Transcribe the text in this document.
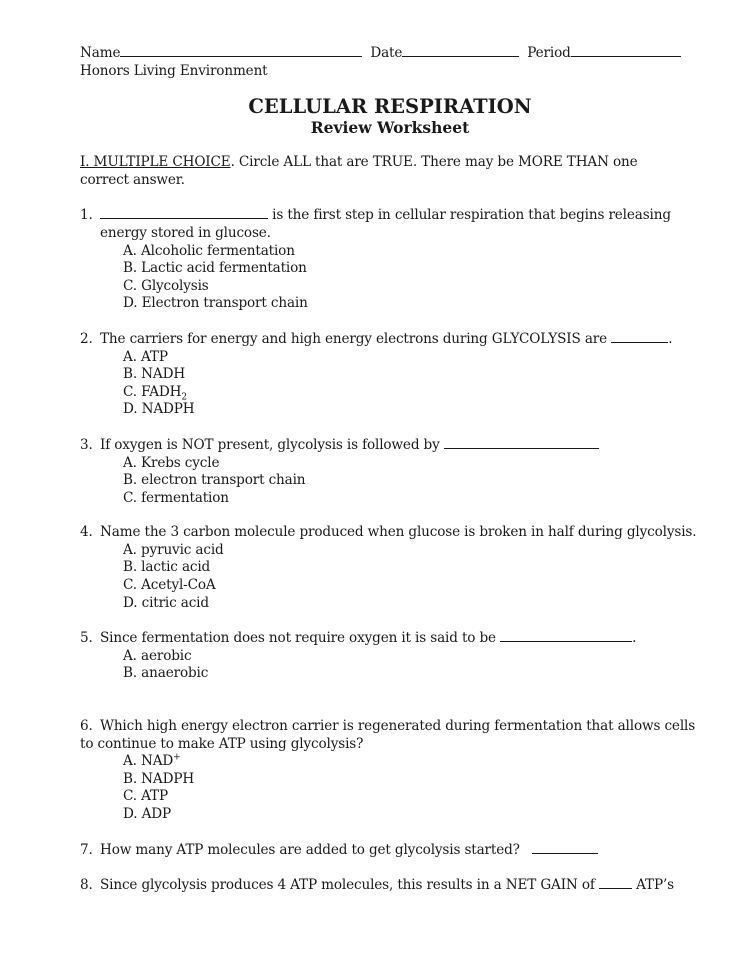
Name	Date	Period
Honors Living Environment
CELLULAR RESPIRATION
Review Worksheet
I. MULTIPLE CHOICE. Circle ALL that are TRUE. There may be MORE THAN one
correct answer.
1.	is the first step in cellular respiration that begins releasing
energy stored in glucose.
A. Alcoholic fermentation
B. Lactic acid fermentation
C. Glycolysis
D. Electron transport chain
2. The carriers for energy and high energy electrons during GLYCOLYSIS are	.
A. ATP
B. NADH
C. $FADH_2$
D. NADPH
3. If oxygen is NOT present, glycolysis is followed by
A. Krebs cycle
B. electron transport chain
C. fermentation
4. Name the 3 carbon molecule produced when glucose is broken in half during glycolysis.
A. pyruvic acid
B. lactic acid
C. Acetyl-CoA
D. citric acid
5. Since fermentation does not require oxygen it is said to be	.
A. aerobic
B. anaerobic
6. Which high energy electron carrier is regenerated during fermentation that allows cells
to continue to make ATP using glycolysis?
A. NAD+
B. NADPH
C. ATP
D. ADP
7. How many ATP molecules are added to get glycolysis started?
8. Since glycolysis produces 4 ATP molecules, this results in a NET GAIN of  ATP’s
